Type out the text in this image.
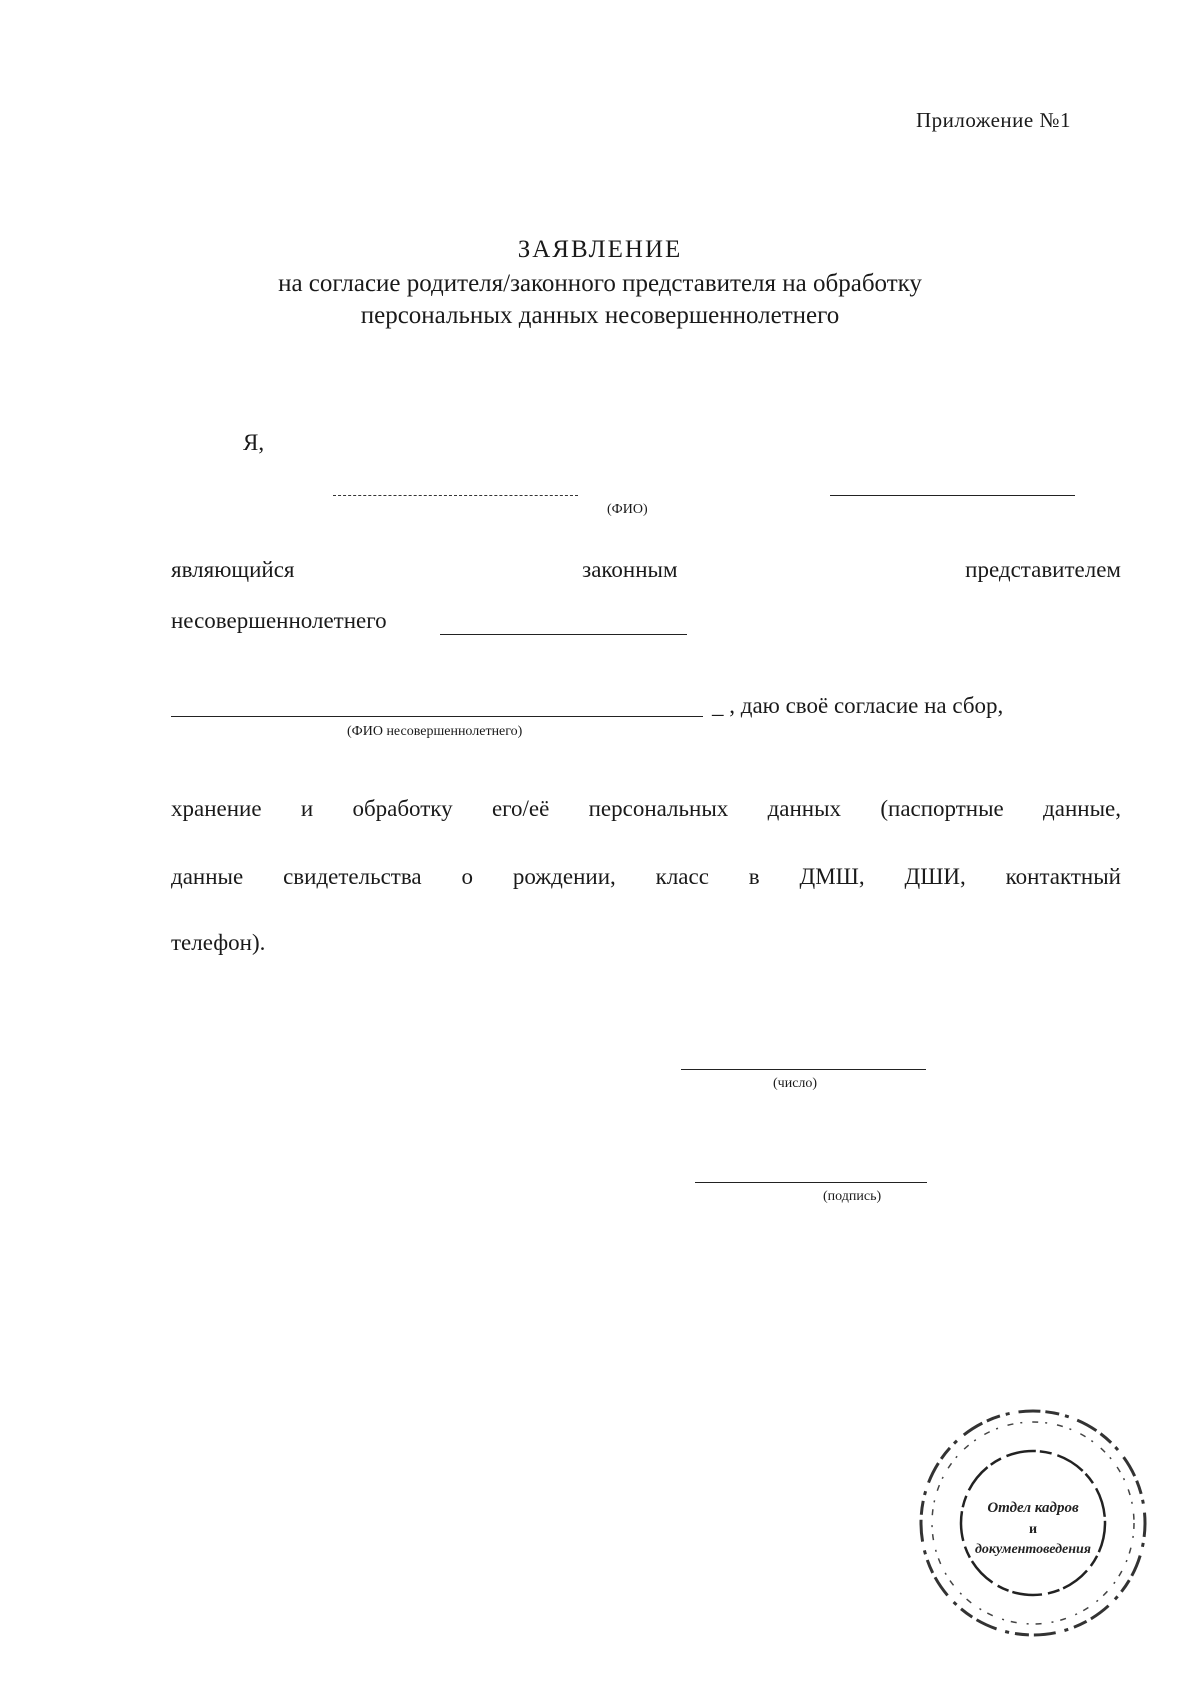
Приложение №1
ЗАЯВЛЕНИЕ
на согласие родителя/законного представителя на обработку
персональных данных несовершеннолетнего
Я,
(ФИО)
являющийся	законным	представителем
несовершеннолетнего
_ , даю своё согласие на сбор,
(ФИО несовершеннолетнего)
хранение и обработку его/её персональных данных (паспортные данные,
данные свидетельства о рождении, класс в ДМШ, ДШИ, контактный
телефон).
(число)
(подпись)
Отдел кадров
и
документоведения
